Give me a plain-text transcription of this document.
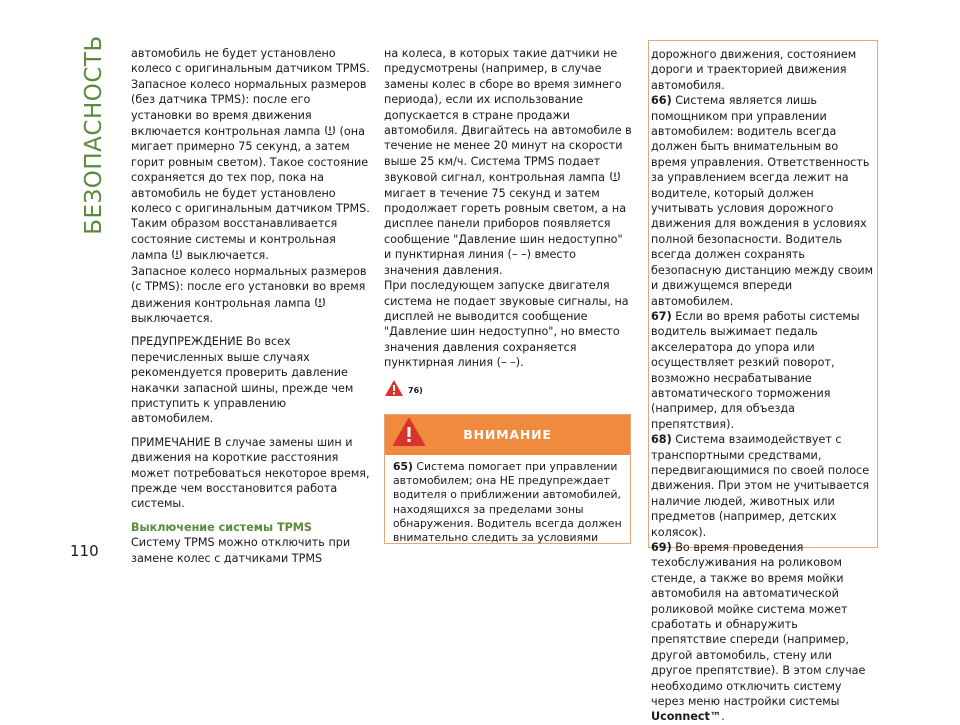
БЕЗОПАСНОСТЬ
110

автомобиль не будет установлено колесо с оригинальным датчиком TPMS.

Запасное колесо нормальных размеров (без датчика TPMS): после его установки во время движения включается контрольная лампа (она мигает примерно 75 секунд, а затем горит ровным светом). Такое состояние сохраняется до тех пор, пока на автомобиль не будет установлено колесо с оригинальным датчиком TPMS. Таким образом восстанавливается состояние системы и контрольная лампа выключается.

Запасное колесо нормальных размеров (с TPMS): после его установки во время движения контрольная лампа
выключается.

ПРЕДУПРЕЖДЕНИЕ Во всех перечисленных выше случаях рекомендуется проверить давление накачки запасной шины, прежде чем приступить к управлению автомобилем.

ПРИМЕЧАНИЕ В случае замены шин и движения на короткие расстояния может потребоваться некоторое время, прежде чем восстановится работа системы.

Выключение системы TPMS

Систему TPMS можно отключить при замене колес с датчиками TPMS

на колеса, в которых такие датчики не предусмотрены (например, в случае замены колес в сборе во время зимнего периода), если их использование допускается в стране продажи автомобиля. Двигайтесь на автомобиле в течение не менее 20 минут на скорости выше 25 км/ч. Система TPMS подает звуковой сигнал, контрольная лампа
мигает в течение 75 секунд и затем продолжает гореть ровным светом, а на дисплее панели приборов появляется сообщение "Давление шин недоступно" и пунктирная линия (– –) вместо значения давления.

При последующем запуске двигателя система не подает звуковые сигналы, на дисплей не выводится сообщение "Давление шин недоступно", но вместо значения давления сохраняется пунктирная линия (– –).

76)
ВНИМАНИЕ
65) Система помогает при управлении автомобилем; она НЕ предупреждает водителя о приближении автомобилей, находящихся за пределами зоны обнаружения. Водитель всегда должен внимательно следить за условиями

дорожного движения, состоянием дороги и траекторией движения автомобиля.

66) Система является лишь помощником при управлении автомобилем: водитель всегда должен быть внимательным во время управления. Ответственность за управлением всегда лежит на водителе, который должен учитывать условия дорожного движения для вождения в условиях полной безопасности. Водитель всегда должен сохранять безопасную дистанцию между своим и движущемся впереди автомобилем.

67) Если во время работы системы водитель выжимает педаль акселератора до упора или осуществляет резкий поворот, возможно несрабатывание автоматического торможения (например, для объезда препятствия).

68) Система взаимодействует с транспортными средствами, передвигающимися по своей полосе движения. При этом не учитывается наличие людей, животных или предметов (например, детских колясок).

69) Во время проведения техобслуживания на роликовом стенде, а также во время мойки автомобиля на автоматической роликовой мойке система может сработать и обнаружить препятствие спереди (например, другой автомобиль, стену или другое препятствие). В этом случае необходимо отключить систему через меню настройки системы Uconnect™.
